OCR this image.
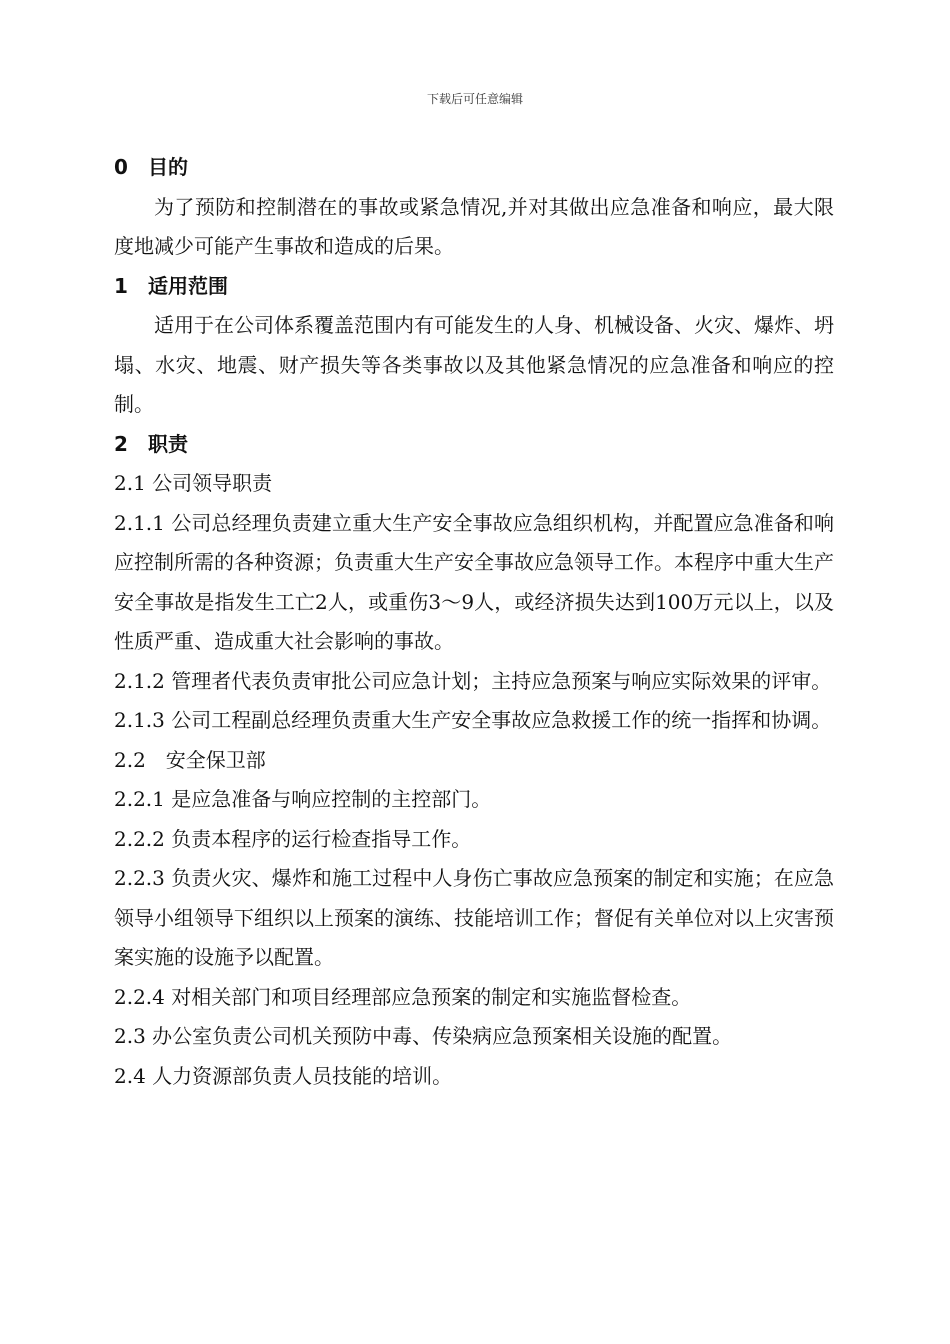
下载后可任意编辑

0 目的

为了预防和控制潜在的事故或紧急情况,并对其做出应急准备和响应，最大限度地减少可能产生事故和造成的后果。

1 适用范围

适用于在公司体系覆盖范围内有可能发生的人身、机械设备、火灾、爆炸、坍塌、水灾、地震、财产损失等各类事故以及其他紧急情况的应急准备和响应的控制。

2 职责

2.1 公司领导职责

2.1.1 公司总经理负责建立重大生产安全事故应急组织机构，并配置应急准备和响应控制所需的各种资源；负责重大生产安全事故应急领导工作。本程序中重大生产安全事故是指发生工亡2人，或重伤3～9人，或经济损失达到100万元以上，以及性质严重、造成重大社会影响的事故。

2.1.2 管理者代表负责审批公司应急计划；主持应急预案与响应实际效果的评审。

2.1.3 公司工程副总经理负责重大生产安全事故应急救援工作的统一指挥和协调。

2.2　安全保卫部

2.2.1 是应急准备与响应控制的主控部门。

2.2.2 负责本程序的运行检查指导工作。

2.2.3 负责火灾、爆炸和施工过程中人身伤亡事故应急预案的制定和实施；在应急领导小组领导下组织以上预案的演练、技能培训工作；督促有关单位对以上灾害预案实施的设施予以配置。

2.2.4 对相关部门和项目经理部应急预案的制定和实施监督检查。

2.3 办公室负责公司机关预防中毒、传染病应急预案相关设施的配置。

2.4 人力资源部负责人员技能的培训。
